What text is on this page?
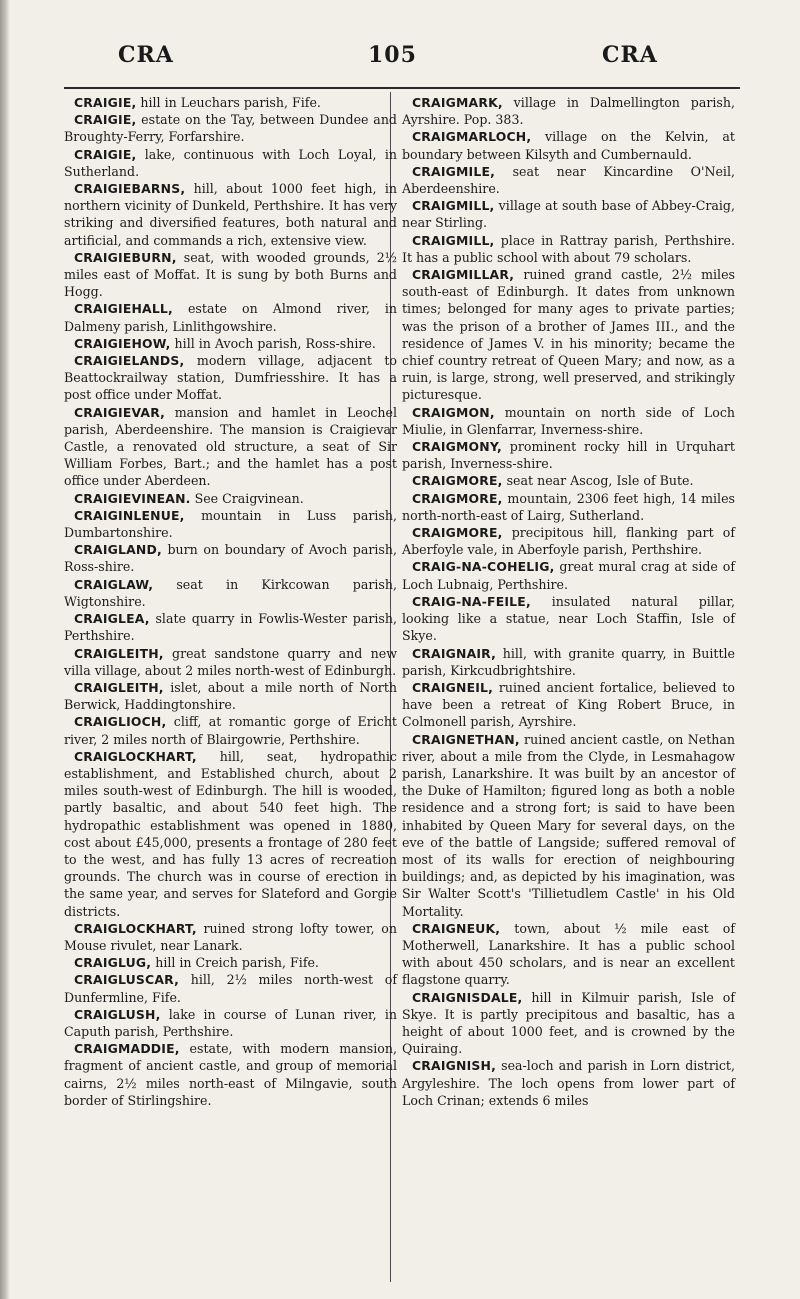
CRA	105	CRA

CRAIGIE, hill in Leuchars parish, Fife.

CRAIGIE, estate on the Tay, between Dundee and Broughty-Ferry, Forfarshire.

CRAIGIE, lake, continuous with Loch Loyal, in Sutherland.

CRAIGIEBARNS, hill, about 1000 feet high, in northern vicinity of Dunkeld, Perthshire. It has very striking and diversified features, both natural and artificial, and commands a rich, extensive view.

CRAIGIEBURN, seat, with wooded grounds, 2½ miles east of Moffat. It is sung by both Burns and Hogg.

CRAIGIEHALL, estate on Almond river, in Dalmeny parish, Linlithgowshire.

CRAIGIEHOW, hill in Avoch parish, Ross-shire.

CRAIGIELANDS, modern village, adjacent to Beattockrailway station, Dumfriesshire. It has a post office under Moffat.

CRAIGIEVAR, mansion and hamlet in Leochel parish, Aberdeenshire. The mansion is Craigievar Castle, a renovated old structure, a seat of Sir William Forbes, Bart.; and the hamlet has a post office under Aberdeen.

CRAIGIEVINEAN. See Craigvinean.

CRAIGINLENUE, mountain in Luss parish, Dumbartonshire.

CRAIGLAND, burn on boundary of Avoch parish, Ross-shire.

CRAIGLAW, seat in Kirkcowan parish, Wigtonshire.

CRAIGLEA, slate quarry in Fowlis-Wester parish, Perthshire.

CRAIGLEITH, great sandstone quarry and new villa village, about 2 miles north-west of Edinburgh.

CRAIGLEITH, islet, about a mile north of North Berwick, Haddingtonshire.

CRAIGLIOCH, cliff, at romantic gorge of Ericht river, 2 miles north of Blairgowrie, Perthshire.

CRAIGLOCKHART, hill, seat, hydropathic establishment, and Established church, about 2 miles south-west of Edinburgh. The hill is wooded, partly basaltic, and about 540 feet high. The hydropathic establishment was opened in 1880, cost about £45,000, presents a frontage of 280 feet to the west, and has fully 13 acres of recreation grounds. The church was in course of erection in the same year, and serves for Slateford and Gorgie districts.

CRAIGLOCKHART, ruined strong lofty tower, on Mouse rivulet, near Lanark.

CRAIGLUG, hill in Creich parish, Fife.

CRAIGLUSCAR, hill, 2½ miles north-west of Dunfermline, Fife.

CRAIGLUSH, lake in course of Lunan river, in Caputh parish, Perthshire.

CRAIGMADDIE, estate, with modern mansion, fragment of ancient castle, and group of memorial cairns, 2½ miles north-east of Milngavie, south border of Stirlingshire.

CRAIGMARK, village in Dalmellington parish, Ayrshire. Pop. 383.

CRAIGMARLOCH, village on the Kelvin, at boundary between Kilsyth and Cumbernauld.

CRAIGMILE, seat near Kincardine O'Neil, Aberdeenshire.

CRAIGMILL, village at south base of Abbey-Craig, near Stirling.

CRAIGMILL, place in Rattray parish, Perthshire. It has a public school with about 79 scholars.

CRAIGMILLAR, ruined grand castle, 2½ miles south-east of Edinburgh. It dates from unknown times; belonged for many ages to private parties; was the prison of a brother of James III., and the residence of James V. in his minority; became the chief country retreat of Queen Mary; and now, as a ruin, is large, strong, well preserved, and strikingly picturesque.

CRAIGMON, mountain on north side of Loch Miulie, in Glenfarrar, Inverness-shire.

CRAIGMONY, prominent rocky hill in Urquhart parish, Inverness-shire.

CRAIGMORE, seat near Ascog, Isle of Bute.

CRAIGMORE, mountain, 2306 feet high, 14 miles north-north-east of Lairg, Sutherland.

CRAIGMORE, precipitous hill, flanking part of Aberfoyle vale, in Aberfoyle parish, Perthshire.

CRAIG-NA-COHELIG, great mural crag at side of Loch Lubnaig, Perthshire.

CRAIG-NA-FEILE, insulated natural pillar, looking like a statue, near Loch Staffin, Isle of Skye.

CRAIGNAIR, hill, with granite quarry, in Buittle parish, Kirkcudbrightshire.

CRAIGNEIL, ruined ancient fortalice, believed to have been a retreat of King Robert Bruce, in Colmonell parish, Ayrshire.

CRAIGNETHAN, ruined ancient castle, on Nethan river, about a mile from the Clyde, in Lesmahagow parish, Lanarkshire. It was built by an ancestor of the Duke of Hamilton; figured long as both a noble residence and a strong fort; is said to have been inhabited by Queen Mary for several days, on the eve of the battle of Langside; suffered removal of most of its walls for erection of neighbouring buildings; and, as depicted by his imagination, was Sir Walter Scott's 'Tillietudlem Castle' in his Old Mortality.

CRAIGNEUK, town, about ½ mile east of Motherwell, Lanarkshire. It has a public school with about 450 scholars, and is near an excellent flagstone quarry.

CRAIGNISDALE, hill in Kilmuir parish, Isle of Skye. It is partly precipitous and basaltic, has a height of about 1000 feet, and is crowned by the Quiraing.

CRAIGNISH, sea-loch and parish in Lorn district, Argyleshire. The loch opens from lower part of Loch Crinan; extends 6 miles
